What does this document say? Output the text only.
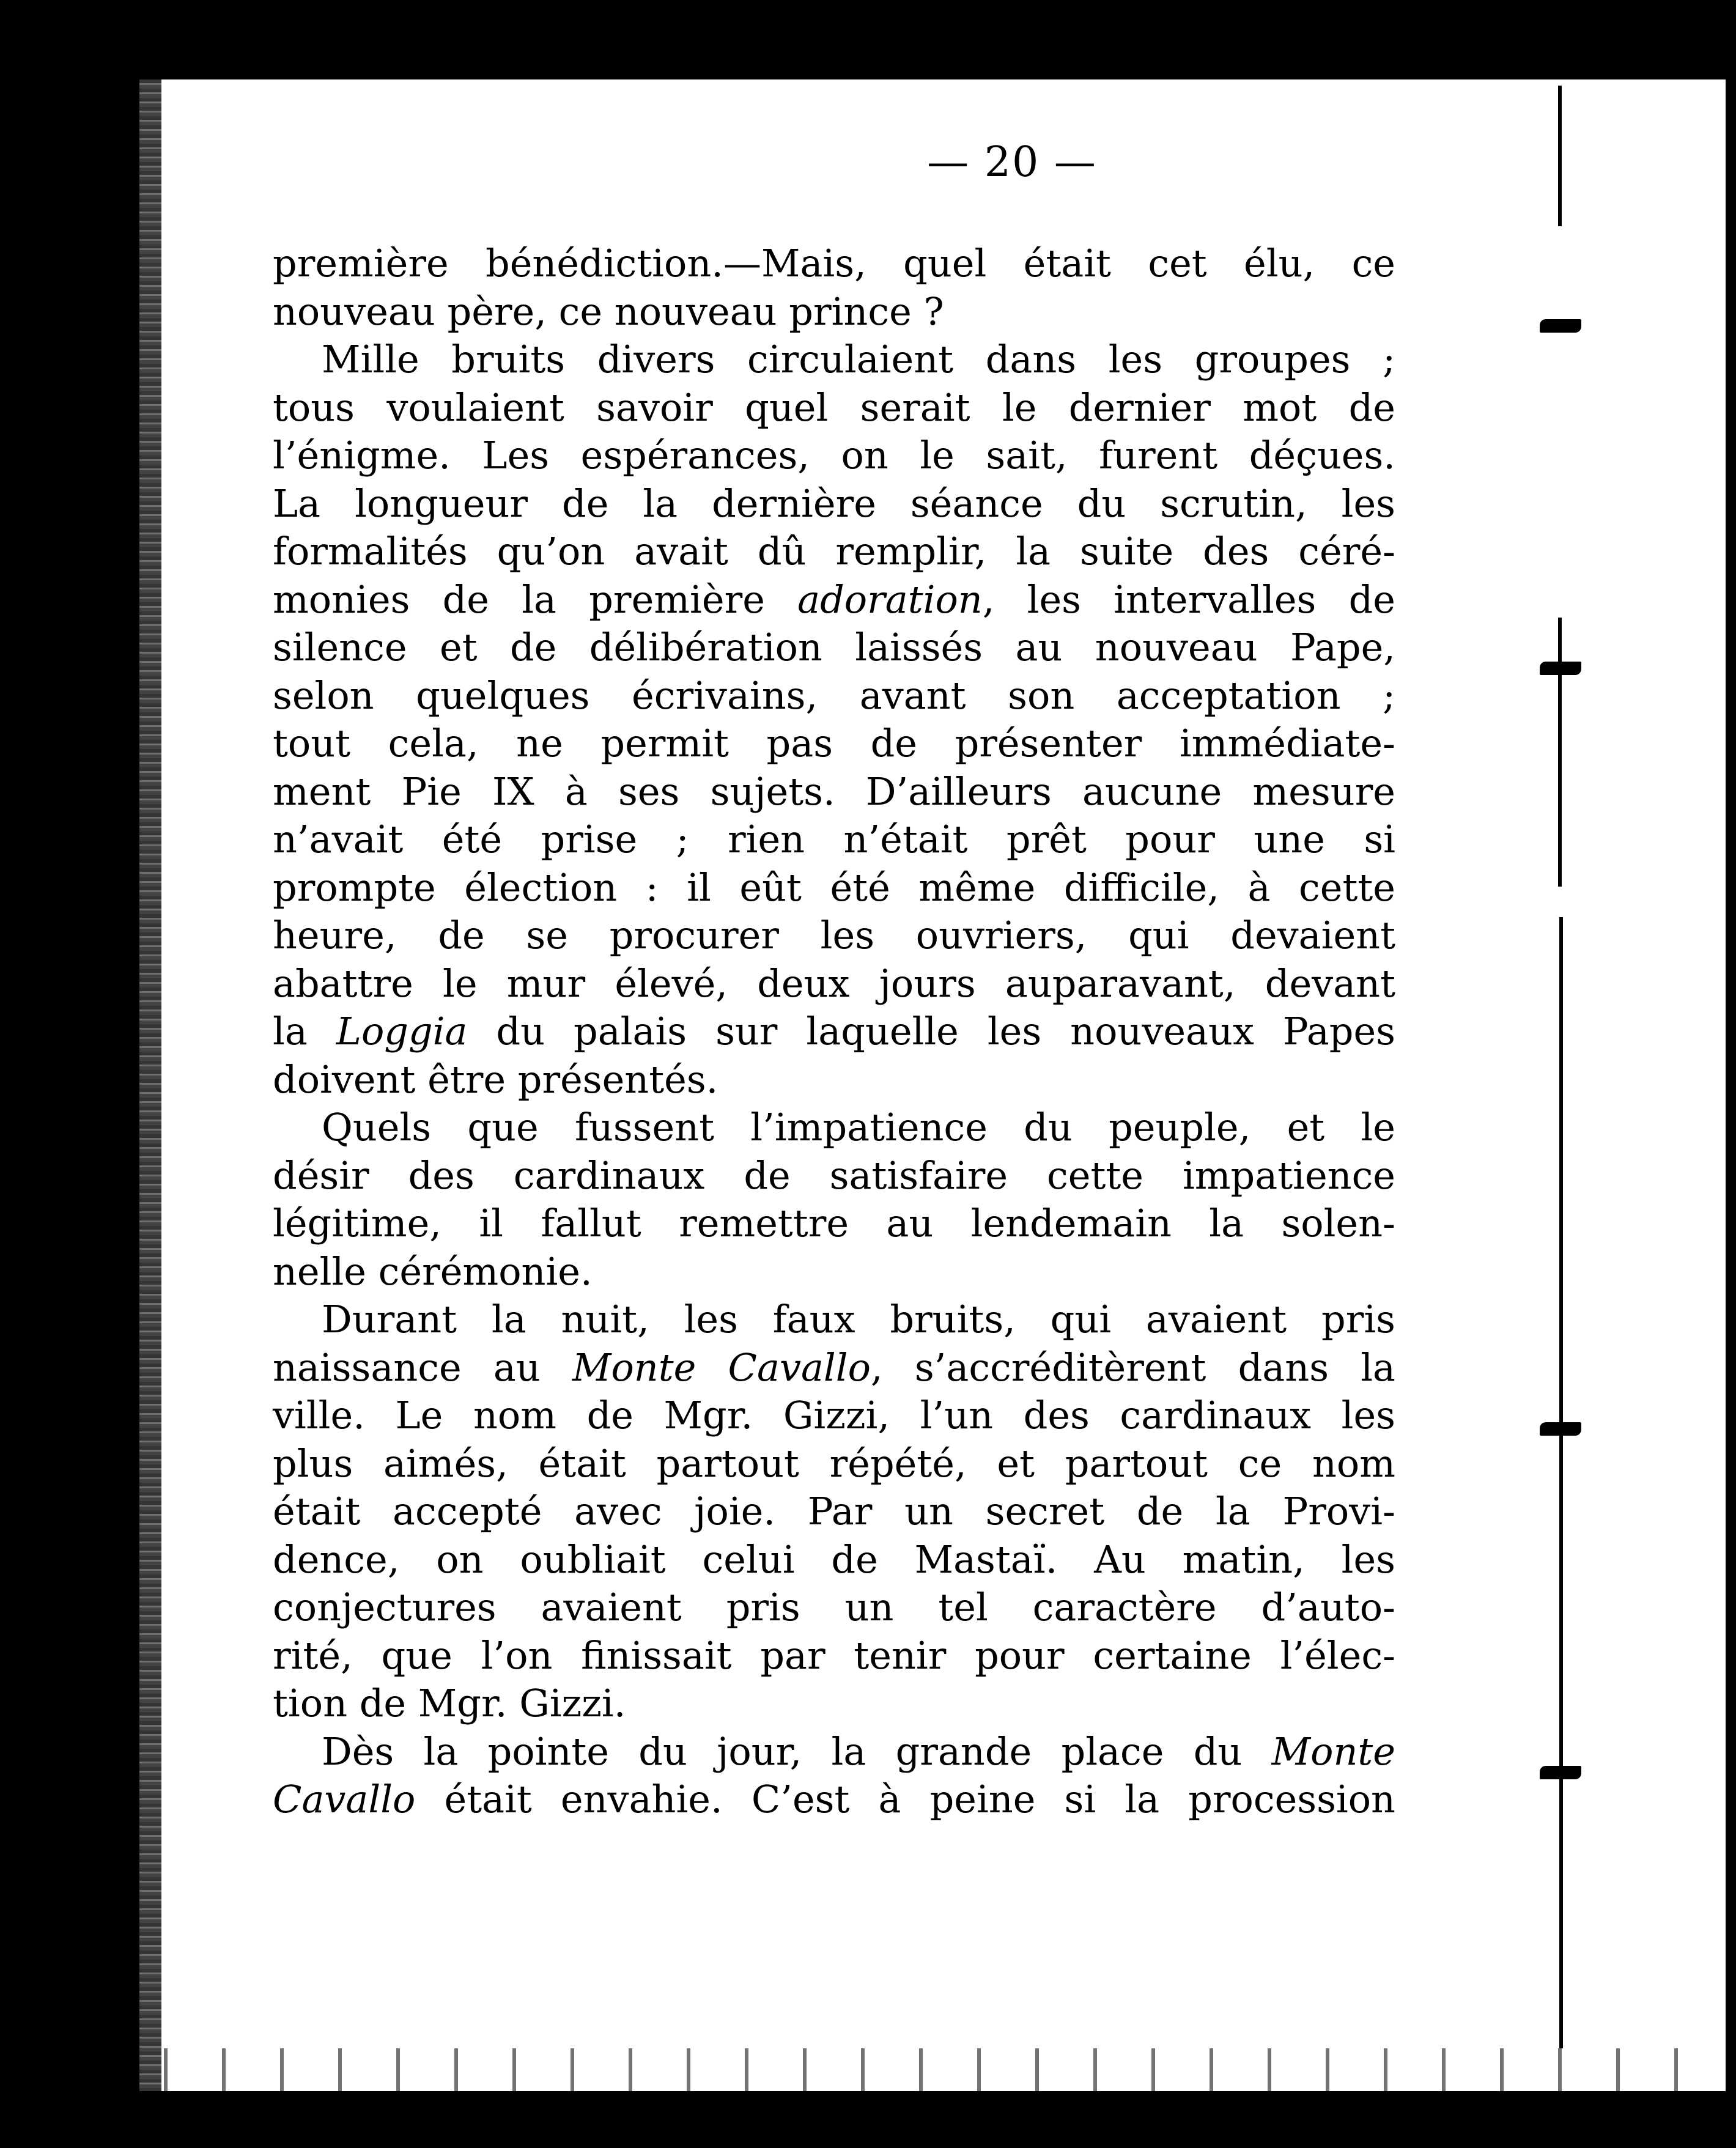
— 20 —
première bénédiction.—Mais, quel était cet élu, ce
nouveau père, ce nouveau prince ?
Mille bruits divers circulaient dans les groupes ;
tous voulaient savoir quel serait le dernier mot de
l’énigme. Les espérances, on le sait, furent déçues.
La longueur de la dernière séance du scrutin, les
formalités qu’on avait dû remplir, la suite des céré-
monies de la première adoration, les intervalles de
silence et de délibération laissés au nouveau Pape,
selon quelques écrivains, avant son acceptation ;
tout cela, ne permit pas de présenter immédiate-
ment Pie IX à ses sujets. D’ailleurs aucune mesure
n’avait été prise ; rien n’était prêt pour une si
prompte élection : il eût été même difficile, à cette
heure, de se procurer les ouvriers, qui devaient
abattre le mur élevé, deux jours auparavant, devant
la Loggia du palais sur laquelle les nouveaux Papes
doivent être présentés.
Quels que fussent l’impatience du peuple, et le
désir des cardinaux de satisfaire cette impatience
légitime, il fallut remettre au lendemain la solen-
nelle cérémonie.
Durant la nuit, les faux bruits, qui avaient pris
naissance au Monte Cavallo, s’accréditèrent dans la
ville. Le nom de Mgr. Gizzi, l’un des cardinaux les
plus aimés, était partout répété, et partout ce nom
était accepté avec joie. Par un secret de la Provi-
dence, on oubliait celui de Mastaï. Au matin, les
conjectures avaient pris un tel caractère d’auto-
rité, que l’on finissait par tenir pour certaine l’élec-
tion de Mgr. Gizzi.
Dès la pointe du jour, la grande place du Monte
Cavallo était envahie. C’est à peine si la procession
